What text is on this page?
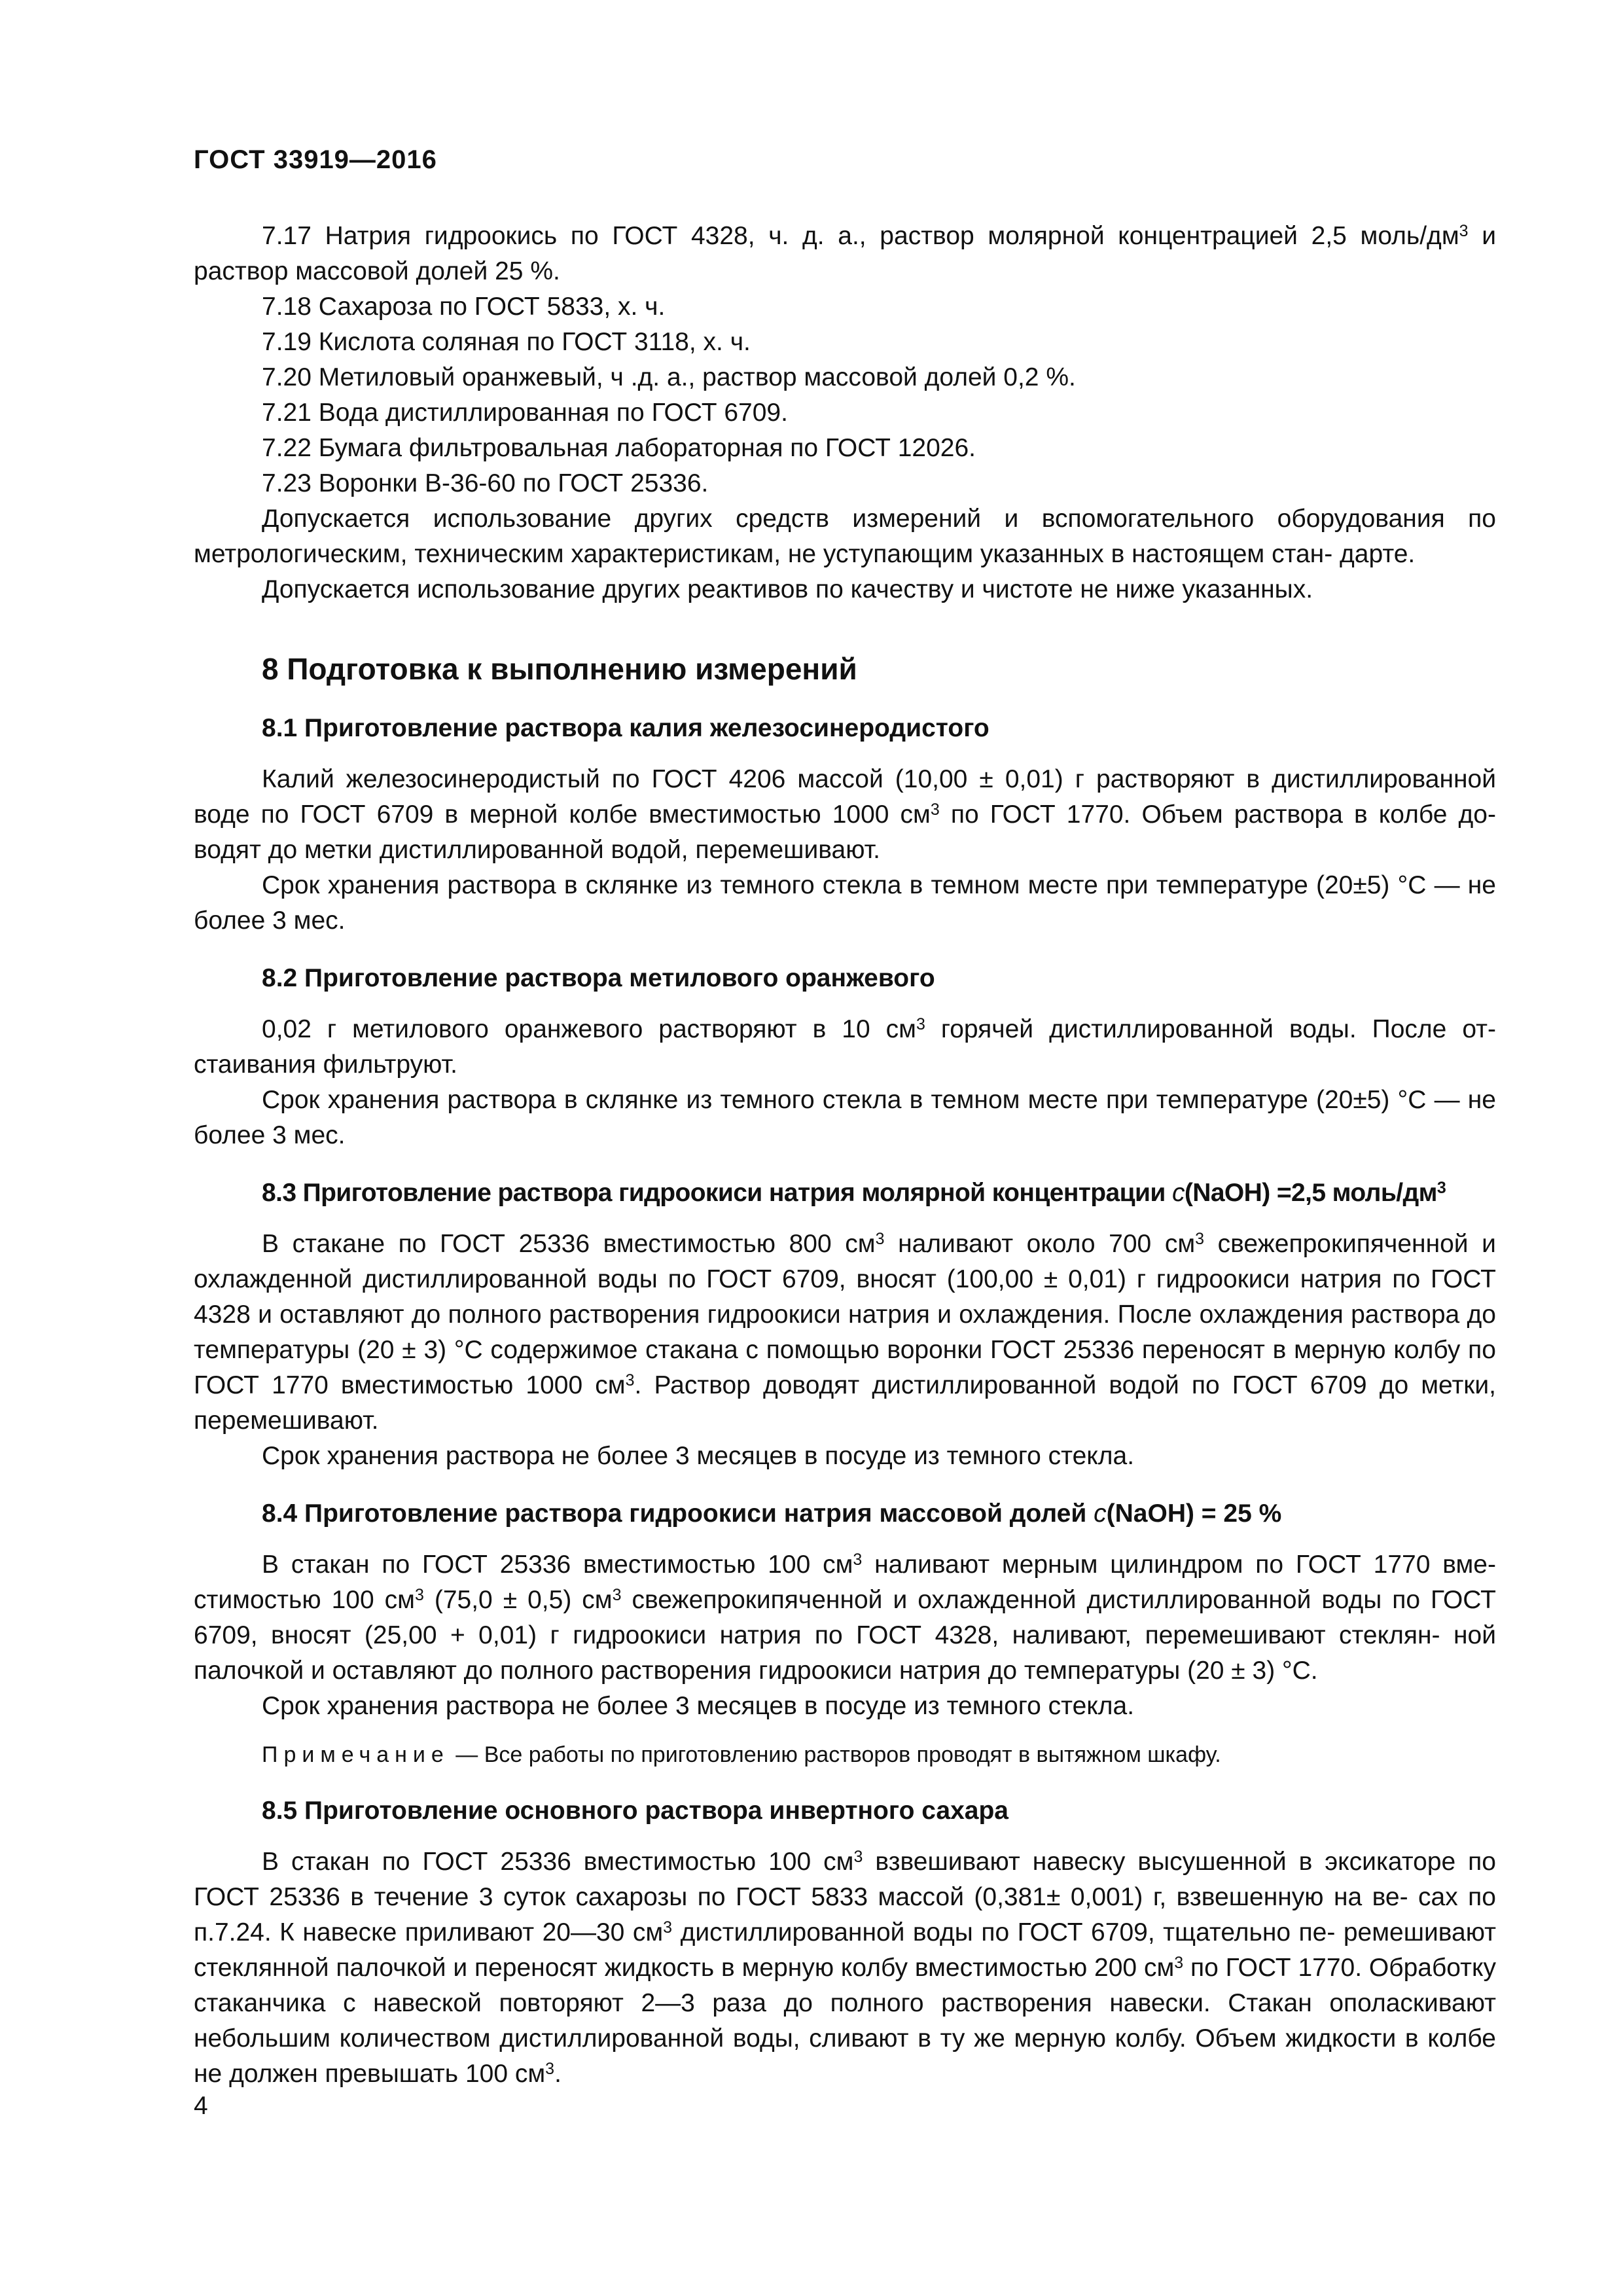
ГОСТ 33919—2016

7.17 Натрия гидроокись по ГОСТ 4328, ч. д. а., раствор молярной концентрацией 2,5 моль/$дм^3$ и раствор массовой долей 25 %.

7.18 Сахароза по ГОСТ 5833, х. ч.

7.19 Кислота соляная по ГОСТ 3118, х. ч.

7.20 Метиловый оранжевый, ч .д. а., раствор массовой долей 0,2 %.

7.21 Вода дистиллированная по ГОСТ 6709.

7.22 Бумага фильтровальная лабораторная по ГОСТ 12026.

7.23 Воронки В-36-60 по ГОСТ 25336.

Допускается использование других средств измерений и вспомогательного оборудования по метрологическим, техническим характеристикам, не уступающим указанных в настоящем стан- дарте.

Допускается использование других реактивов по качеству и чистоте не ниже указанных.

8 Подготовка к выполнению измерений
8.1 Приготовление раствора калия железосинеродистого

Калий железосинеродистый по ГОСТ 4206 массой (10,00 ± 0,01) г растворяют в дистиллированной воде по ГОСТ 6709 в мерной колбе вместимостью 1000 $см^3$ по ГОСТ 1770. Объем раствора в колбе до- водят до метки дистиллированной водой, перемешивают.

Срок хранения раствора в склянке из темного стекла в темном месте при температуре (20±5) °С — не более 3 мес.

8.2 Приготовление раствора метилового оранжевого

0,02 г метилового оранжевого растворяют в 10 $см^3$ горячей дистиллированной воды. После от- стаивания фильтруют.

Срок хранения раствора в склянке из темного стекла в темном месте при температуре (20±5) °С — не более 3 мес.

8.3 Приготовление раствора гидроокиси натрия молярной концентрации c(NaOH) =2,5 моль/$дм^3$

В стакане по ГОСТ 25336 вместимостью 800 $см^3$ наливают около 700 $см^3$ свежепрокипяченной и охлажденной дистиллированной воды по ГОСТ 6709, вносят (100,00 ± 0,01) г гидроокиси натрия по ГОСТ 4328 и оставляют до полного растворения гидроокиси натрия и охлаждения. После охлаждения раствора до температуры (20 ± 3) °С содержимое стакана с помощью воронки ГОСТ 25336 переносят в мерную колбу по ГОСТ 1770 вместимостью 1000 $см^3$. Раствор доводят дистиллированной водой по ГОСТ 6709 до метки, перемешивают.

Срок хранения раствора не более 3 месяцев в посуде из темного стекла.

8.4 Приготовление раствора гидроокиси натрия массовой долей c(NaOH) = 25 %

В стакан по ГОСТ 25336 вместимостью 100 $см^3$ наливают мерным цилиндром по ГОСТ 1770 вме- стимостью 100 $см^3$ (75,0 ± 0,5) $см^3$ свежепрокипяченной и охлажденной дистиллированной воды по ГОСТ 6709, вносят (25,00 + 0,01) г гидроокиси натрия по ГОСТ 4328, наливают, перемешивают стеклян- ной палочкой и оставляют до полного растворения гидроокиси натрия до температуры (20 ± 3) °С.

Срок хранения раствора не более 3 месяцев в посуде из темного стекла.

Примечание — Все работы по приготовлению растворов проводят в вытяжном шкафу.
8.5 Приготовление основного раствора инвертного сахара

В стакан по ГОСТ 25336 вместимостью 100 $см^3$ взвешивают навеску высушенной в эксикаторе по ГОСТ 25336 в течение 3 суток сахарозы по ГОСТ 5833 массой (0,381± 0,001) г, взвешенную на ве- сах по п.7.24. К навеске приливают 20—30 $см^3$ дистиллированной воды по ГОСТ 6709, тщательно пе- ремешивают стеклянной палочкой и переносят жидкость в мерную колбу вместимостью 200 $см^3$ по ГОСТ 1770. Обработку стаканчика с навеской повторяют 2—3 раза до полного растворения навески. Стакан ополаскивают небольшим количеством дистиллированной воды, сливают в ту же мерную колбу. Объем жидкости в колбе не должен превышать 100 $см^3$.

4
